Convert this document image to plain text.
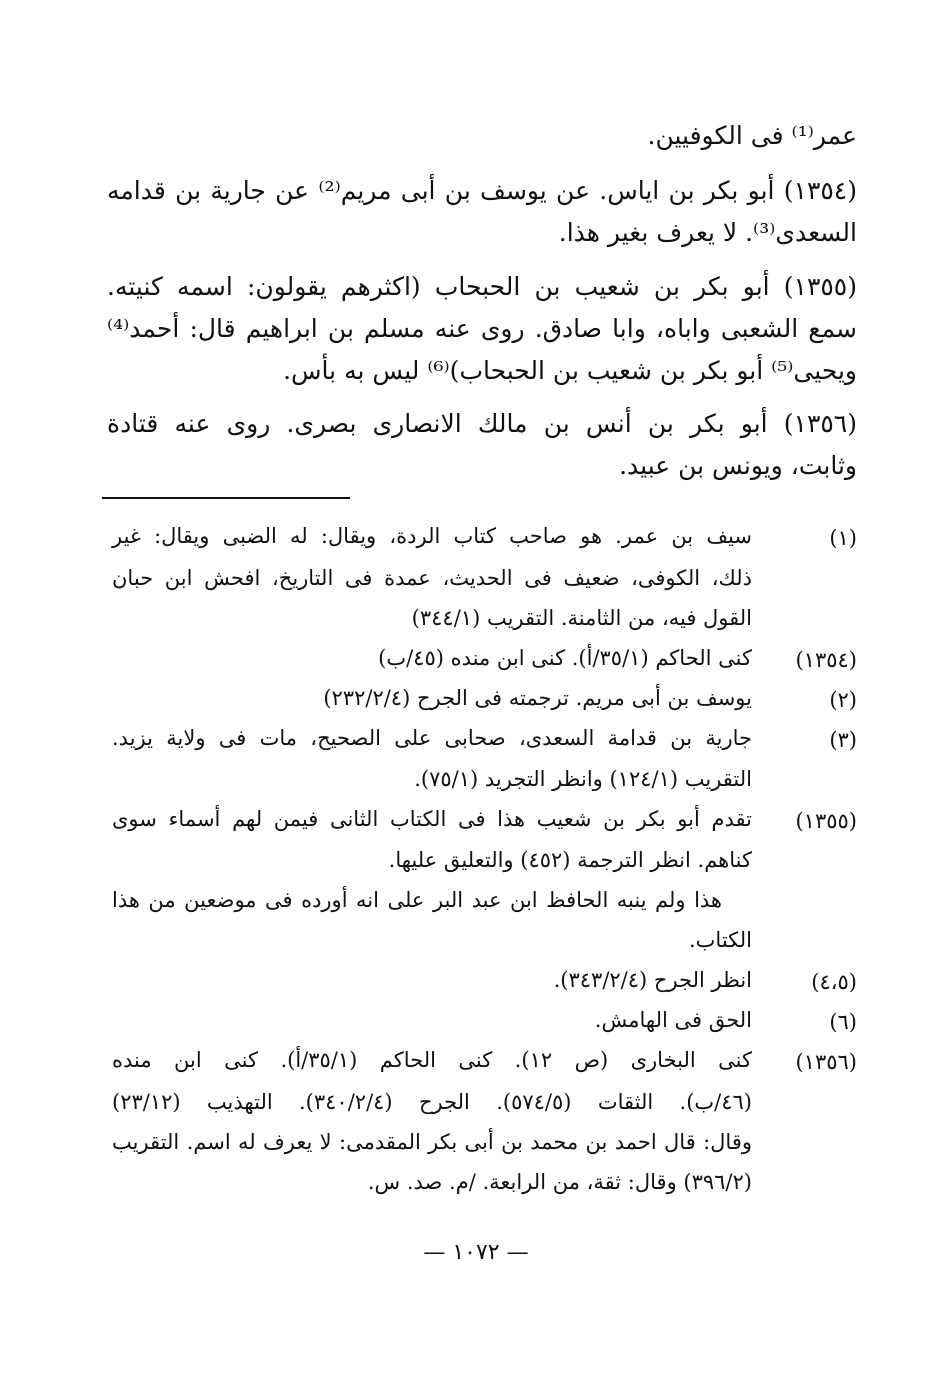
عمر⁽¹⁾ فى الكوفيين.
(١٣٥٤) أبو بكر بن اياس. عن يوسف بن أبى مريم⁽²⁾ عن جارية بن قدامه
السعدى⁽³⁾. لا يعرف بغير هذا.
(١٣٥٥) أبو بكر بن شعيب بن الحبحاب (اكثرهم يقولون: اسمه كنيته.
سمع الشعبى واباه، وابا صادق. روى عنه مسلم بن ابراهيم قال: أحمد⁽⁴⁾
ويحيى⁽⁵⁾ أبو بكر بن شعيب بن الحبحاب)⁽⁶⁾ ليس به بأس.
(١٣٥٦) أبو بكر بن أنس بن مالك الانصارى بصرى. روى عنه قتادة
وثابت، ويونس بن عبيد.
(١)
سيف بن عمر. هو صاحب كتاب الردة، ويقال: له الضبى ويقال: غير
ذلك، الكوفى، ضعيف فى الحديث، عمدة فى التاريخ، افحش ابن حبان
القول فيه، من الثامنة. التقريب (٣٤٤/١)
(١٣٥٤)
كنى الحاكم (٣٥/١/أ). كنى ابن منده (٤٥/ب)
(٢)
يوسف بن أبى مريم. ترجمته فى الجرح (٢٣٢/٢/٤)
(٣)
جارية بن قدامة السعدى، صحابى على الصحيح، مات فى ولاية يزيد.
التقريب (١٢٤/١) وانظر التجريد (٧٥/١).
(١٣٥٥)
تقدم أبو بكر بن شعيب هذا فى الكتاب الثانى فيمن لهم أسماء سوى
كناهم. انظر الترجمة (٤٥٢) والتعليق عليها.
هذا ولم ينبه الحافظ ابن عبد البر على انه أورده فى موضعين من هذا
الكتاب.
(٤،٥)
انظر الجرح (٣٤٣/٢/٤).
(٦)
الحق فى الهامش.
(١٣٥٦)
كنى البخارى (ص ١٢). كنى الحاكم (٣٥/١/أ). كنى ابن منده
(٤٦/ب). الثقات (٥٧٤/٥). الجرح (٣٤٠/٢/٤). التهذيب (٢٣/١٢)
وقال: قال احمد بن محمد بن أبى بكر المقدمى: لا يعرف له اسم. التقريب
(٣٩٦/٢) وقال: ثقة، من الرابعة. /م. صد. س.
— ١٠٧٢ —
